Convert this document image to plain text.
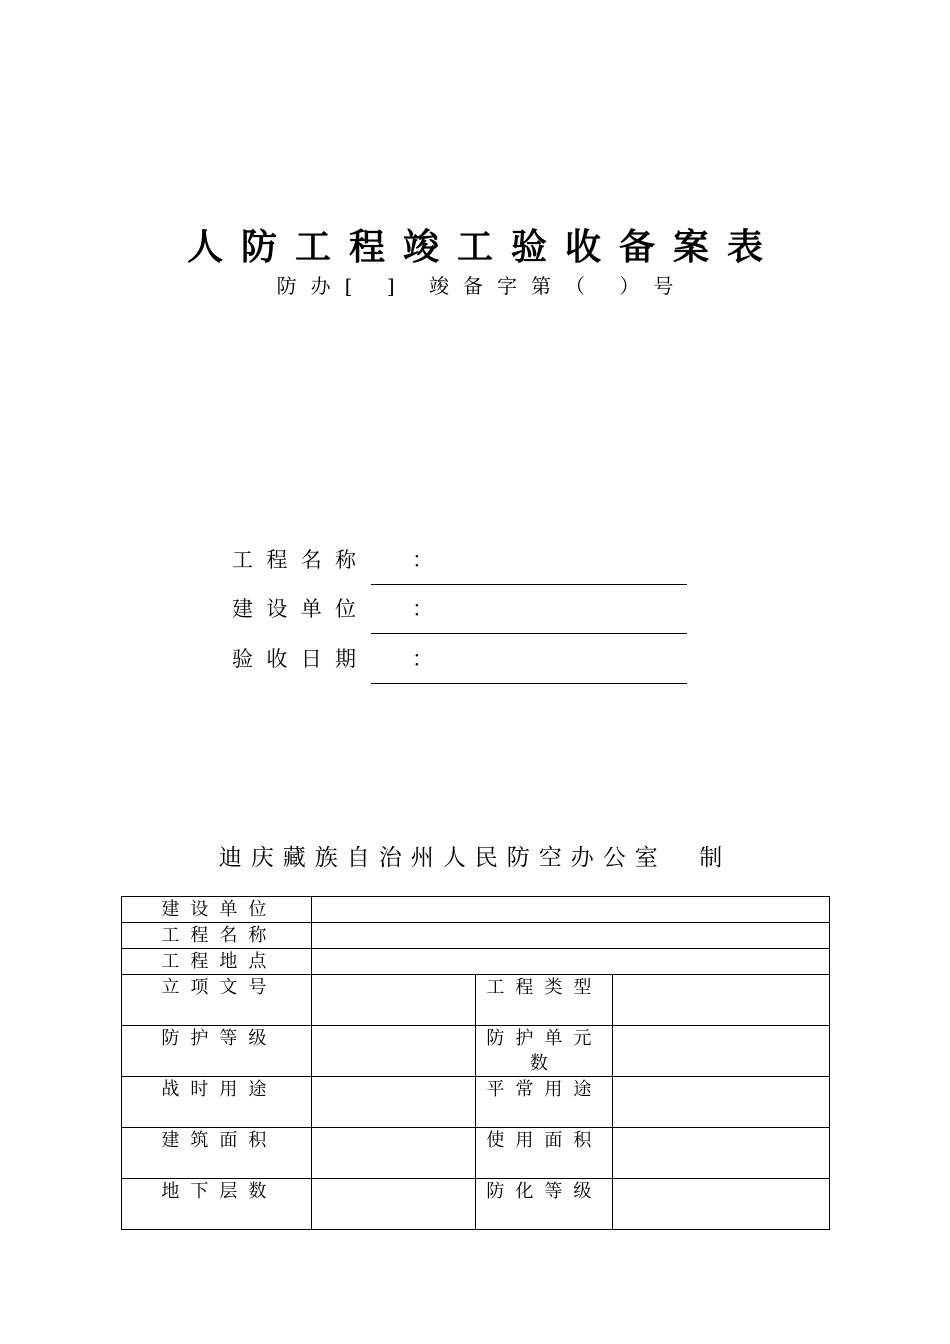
人防工程竣工验收备案表
防办[ ] 竣备字第（ ）号
工  程  名  称	：
建  设  单  位	：
验  收  日  期	：
迪庆藏族自治州人民防空办公室  制
建设单位			
工程名称			
工程地点			
立项文号		工程类型	
防护等级		防护单元数	
战时用途		平常用途	
建筑面积		使用面积	
地下层数		防化等级	
